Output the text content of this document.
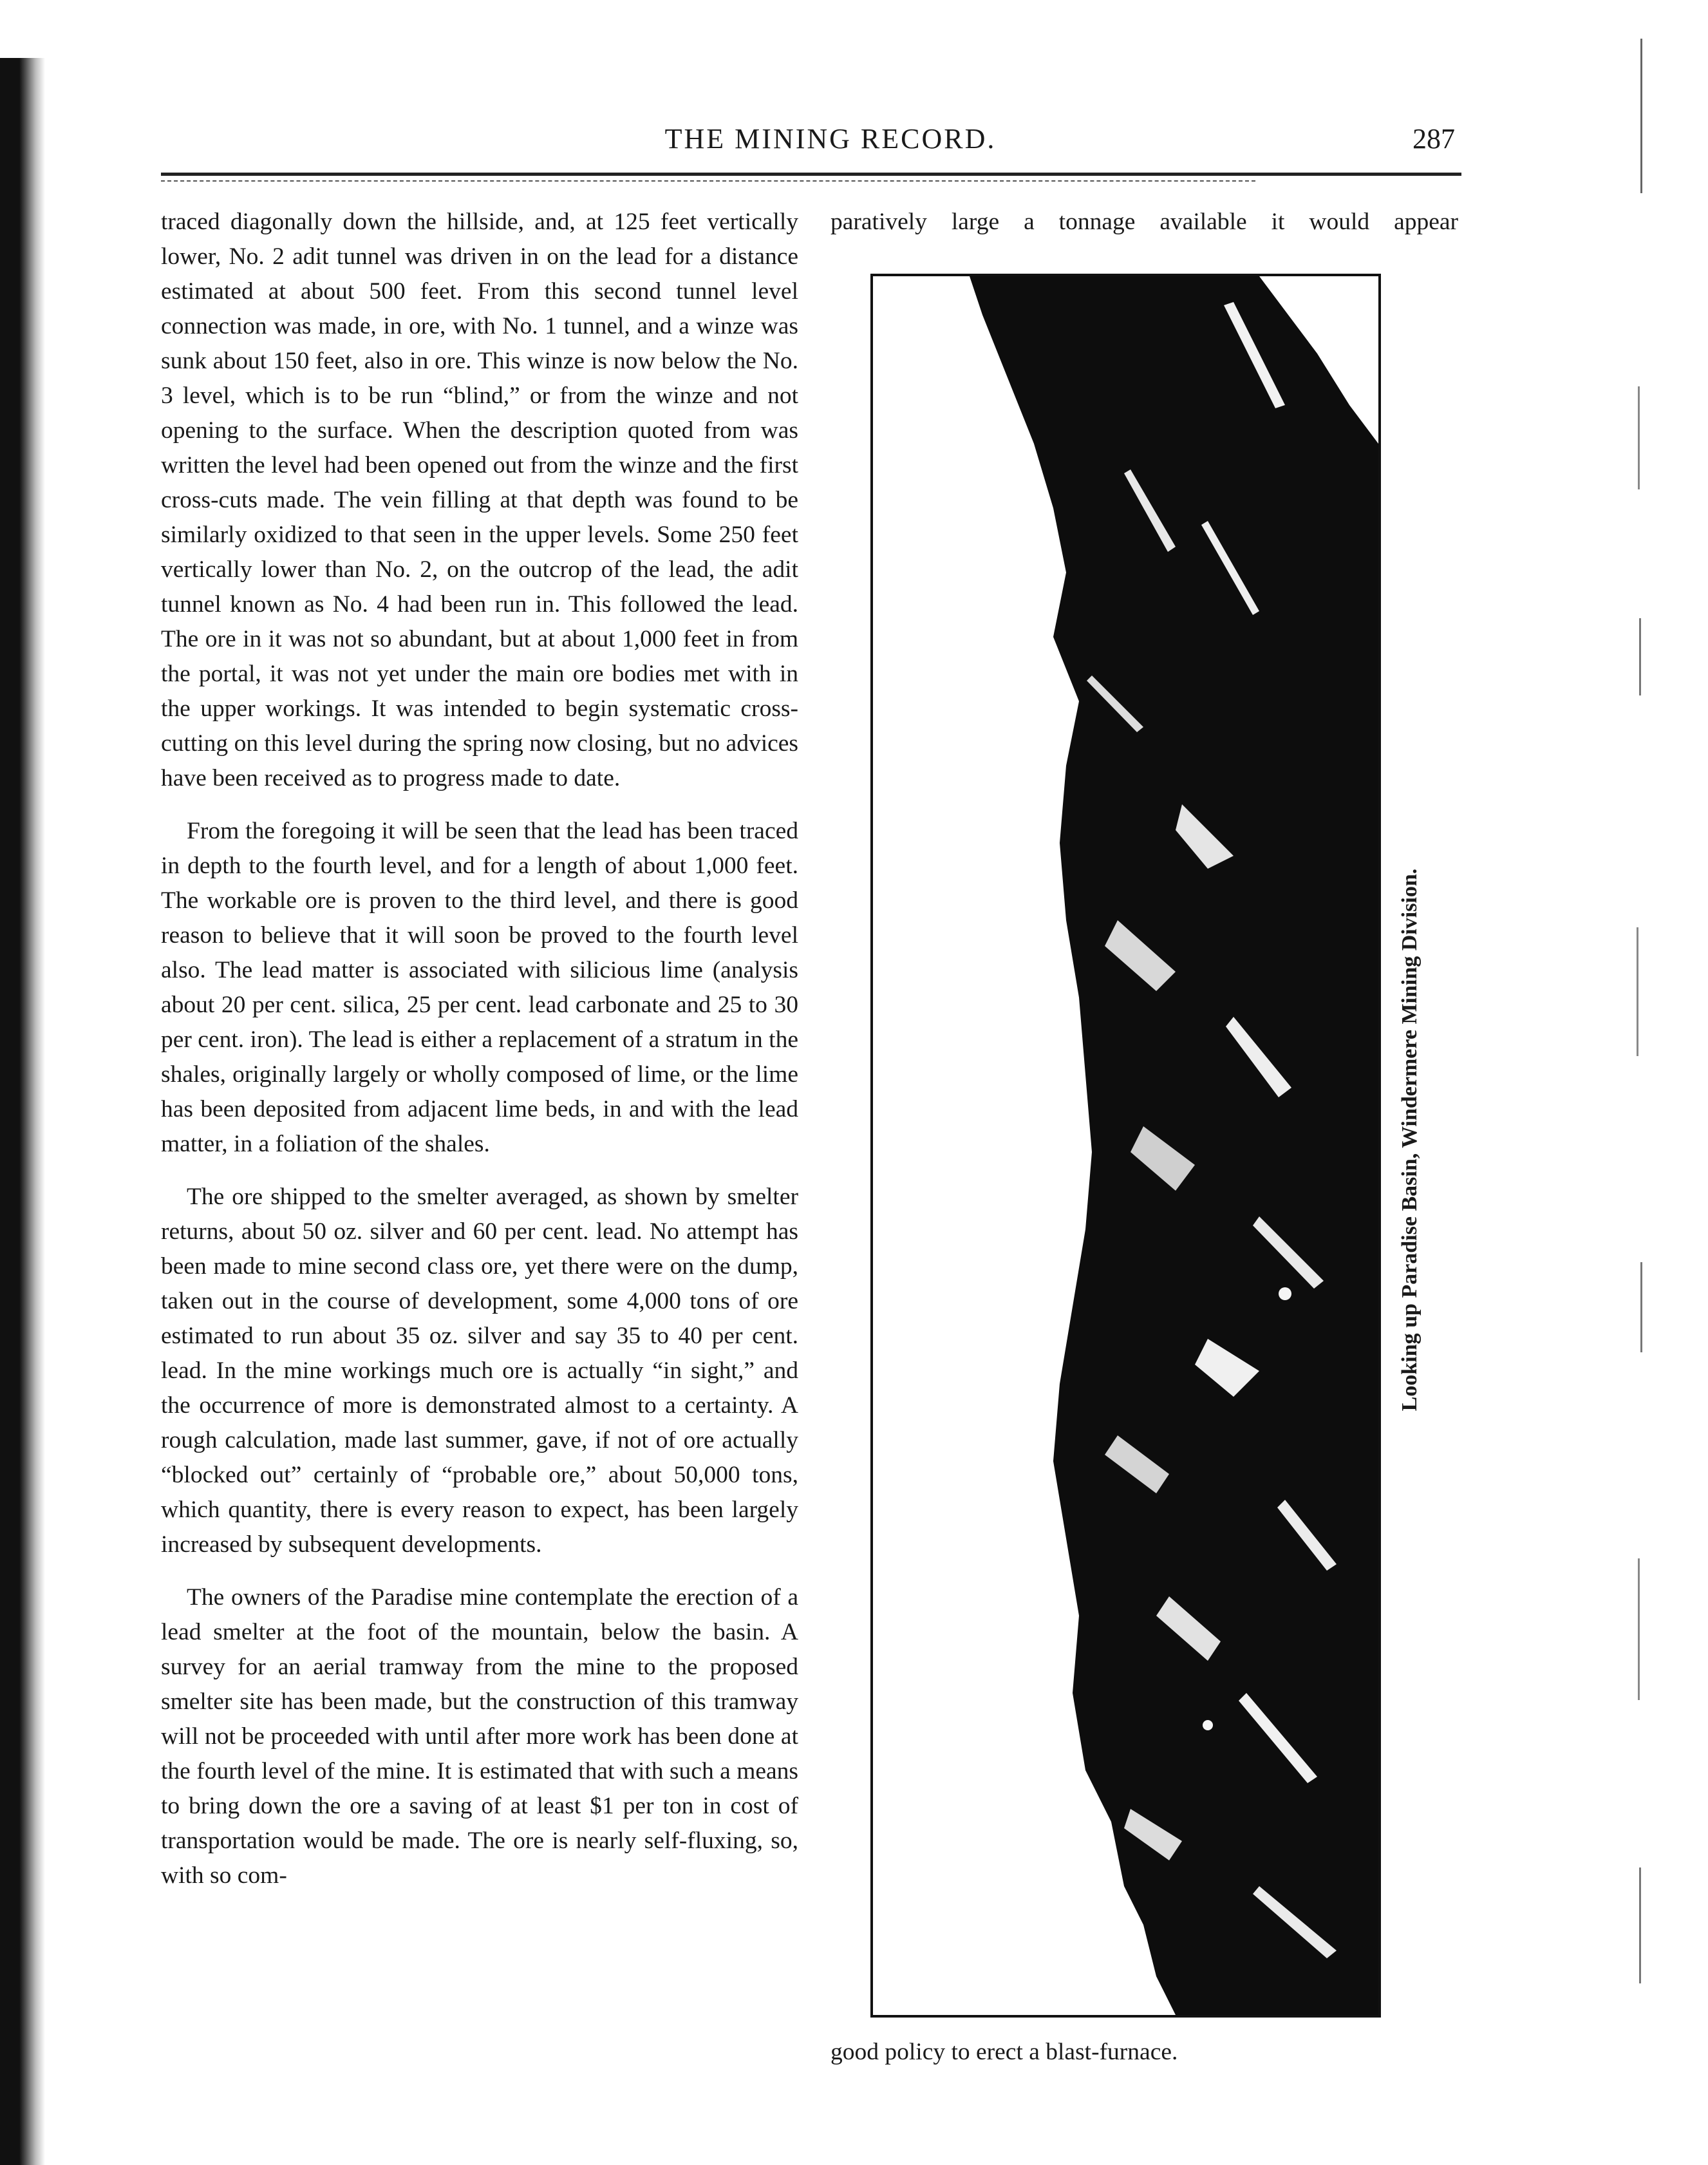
THE MINING RECORD.	287

traced diagonally down the hillside, and, at 125 feet vertically lower, No. 2 adit tunnel was driven in on the lead for a distance estimated at about 500 feet. From this second tunnel level connection was made, in ore, with No. 1 tunnel, and a winze was sunk about 150 feet, also in ore. This winze is now below the No. 3 level, which is to be run “blind,” or from the winze and not opening to the surface. When the description quoted from was written the level had been opened out from the winze and the first cross-cuts made. The vein filling at that depth was found to be similarly oxidized to that seen in the upper levels. Some 250 feet vertically lower than No. 2, on the outcrop of the lead, the adit tunnel known as No. 4 had been run in. This followed the lead. The ore in it was not so abundant, but at about 1,000 feet in from the portal, it was not yet under the main ore bodies met with in the upper workings. It was intended to begin systematic cross-cutting on this level during the spring now closing, but no advices have been received as to progress made to date.

From the foregoing it will be seen that the lead has been traced in depth to the fourth level, and for a length of about 1,000 feet. The workable ore is proven to the third level, and there is good reason to believe that it will soon be proved to the fourth level also. The lead matter is associated with silicious lime (analysis about 20 per cent. silica, 25 per cent. lead carbonate and 25 to 30 per cent. iron). The lead is either a replacement of a stratum in the shales, originally largely or wholly composed of lime, or the lime has been deposited from adjacent lime beds, in and with the lead matter, in a foliation of the shales.

The ore shipped to the smelter averaged, as shown by smelter returns, about 50 oz. silver and 60 per cent. lead. No attempt has been made to mine second class ore, yet there were on the dump, taken out in the course of development, some 4,000 tons of ore estimated to run about 35 oz. silver and say 35 to 40 per cent. lead. In the mine workings much ore is actually “in sight,” and the occurrence of more is demonstrated almost to a certainty. A rough calculation, made last summer, gave, if not of ore actually “blocked out” certainly of “probable ore,” about 50,000 tons, which quantity, there is every reason to expect, has been largely increased by subsequent developments.

The owners of the Paradise mine contemplate the erection of a lead smelter at the foot of the mountain, below the basin. A survey for an aerial tramway from the mine to the proposed smelter site has been made, but the construction of this tramway will not be proceeded with until after more work has been done at the fourth level of the mine. It is estimated that with such a means to bring down the ore a saving of at least $1 per ton in cost of transportation would be made. The ore is nearly self-fluxing, so, with so com-

paratively large a tonnage available it would appear
Looking up Paradise Basin, Windermere Mining Division.
good policy to erect a blast-furnace.
